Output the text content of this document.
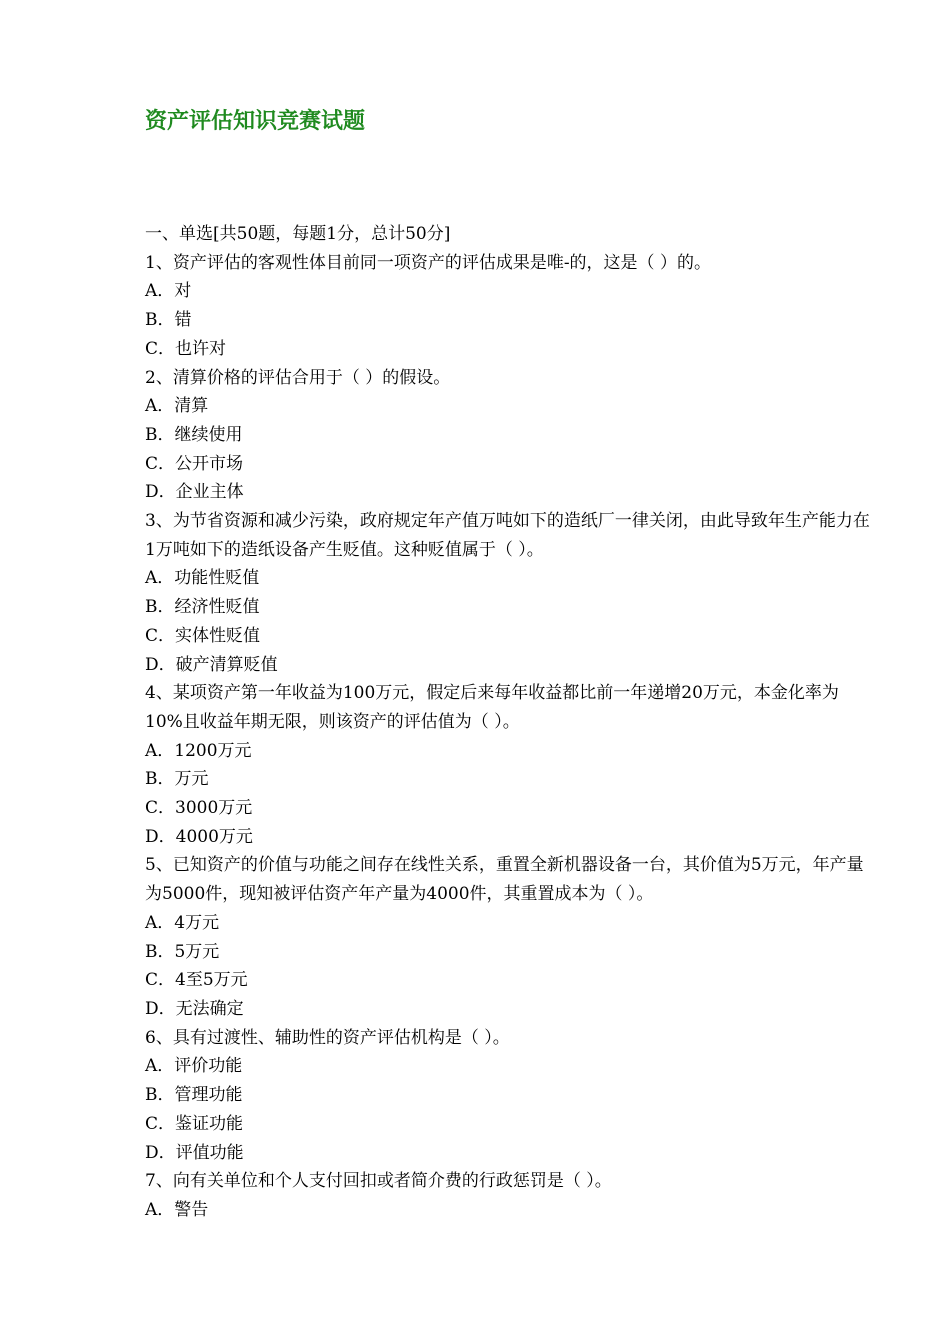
资产评估知识竞赛试题
一、单选[共50题，每题1分，总计50分]
1、资产评估的客观性体目前同一项资产的评估成果是唯-的，这是（ ）的。
A．对
B．错
C．也许对
2、清算价格的评估合用于（ ）的假设。
A．清算
B．继续使用
C．公开市场
D．企业主体
3、为节省资源和减少污染，政府规定年产值万吨如下的造纸厂一律关闭，由此导致年生产能力在1万吨如下的造纸设备产生贬值。这种贬值属于（ ）。
A．功能性贬值
B．经济性贬值
C．实体性贬值
D．破产清算贬值
4、某项资产第一年收益为100万元，假定后来每年收益都比前一年递增20万元，本金化率为10%且收益年期无限，则该资产的评估值为（ ）。
A．1200万元
B．万元
C．3000万元
D．4000万元
5、已知资产的价值与功能之间存在线性关系，重置全新机器设备一台，其价值为5万元，年产量为5000件，现知被评估资产年产量为4000件，其重置成本为（ ）。
A．4万元
B．5万元
C．4至5万元
D．无法确定
6、具有过渡性、辅助性的资产评估机构是（ ）。
A．评价功能
B．管理功能
C．鉴证功能
D．评值功能
7、向有关单位和个人支付回扣或者简介费的行政惩罚是（ ）。
A．警告
